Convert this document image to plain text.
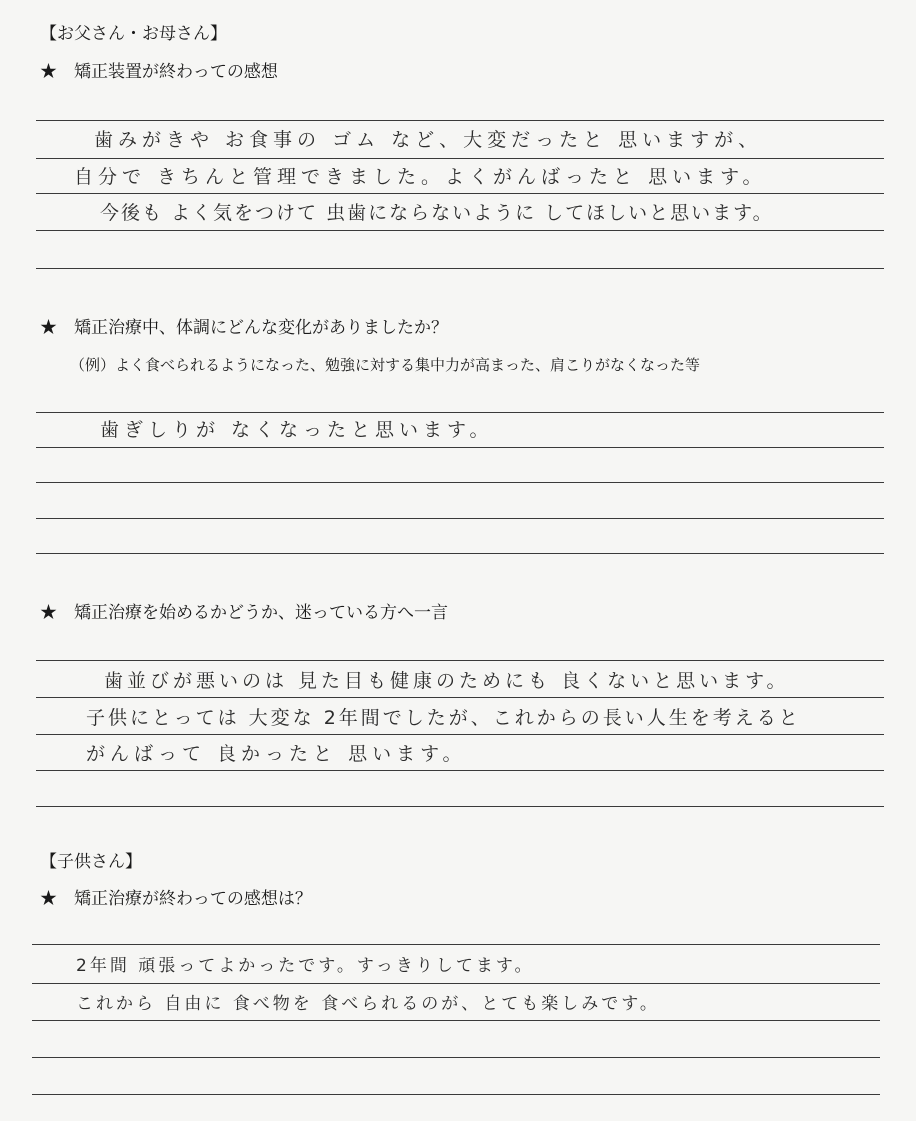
【お父さん・お母さん】
★　矯正装置が終わっての感想
歯みがきや お食事の ゴム など、大変だったと 思いますが、
自分で きちんと管理できました。よくがんばったと 思います。
今後も よく気をつけて 虫歯にならないように してほしいと思います。
★　矯正治療中、体調にどんな変化がありましたか？
（例）よく食べられるようになった、勉強に対する集中力が高まった、肩こりがなくなった等
歯ぎしりが なくなったと思います。
★　矯正治療を始めるかどうか、迷っている方へ一言
歯並びが悪いのは 見た目も健康のためにも 良くないと思います。
子供にとっては 大変な 2年間でしたが、これからの長い人生を考えると
がんばって 良かったと 思います。
【子供さん】
★　矯正治療が終わっての感想は？
2年間 頑張ってよかったです。すっきりしてます。
これから 自由に 食べ物を 食べられるのが、とても楽しみです。
